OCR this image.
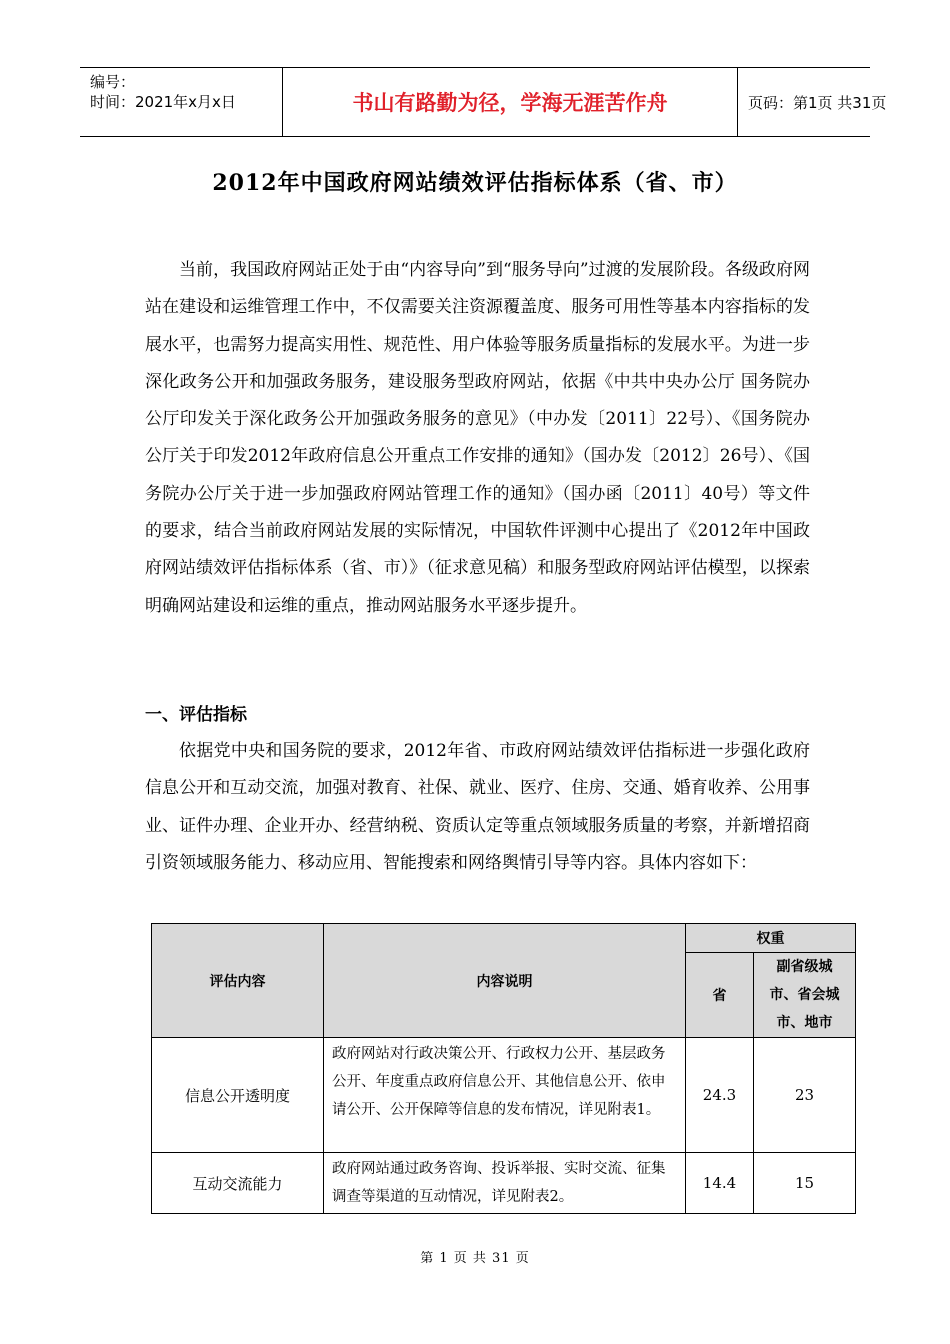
编号：
时间：2021年x月x日	书山有路勤为径，学海无涯苦作舟	页码：第1页 共31页
2012年中国政府网站绩效评估指标体系（省、市）

当前，我国政府网站正处于由“内容导向”到“服务导向”过渡的发展阶段。各级政府网站在建设和运维管理工作中，不仅需要关注资源覆盖度、服务可用性等基本内容指标的发展水平，也需努力提高实用性、规范性、用户体验等服务质量指标的发展水平。为进一步深化政务公开和加强政务服务，建设服务型政府网站，依据《中共中央办公厅 国务院办公厅印发关于深化政务公开加强政务服务的意见》（中办发〔2011〕22号）、《国务院办公厅关于印发2012年政府信息公开重点工作安排的通知》（国办发〔2012〕26号）、《国务院办公厅关于进一步加强政府网站管理工作的通知》（国办函〔2011〕40号）等文件的要求，结合当前政府网站发展的实际情况，中国软件评测中心提出了《2012年中国政府网站绩效评估指标体系（省、市）》（征求意见稿）和服务型政府网站评估模型，以探索明确网站建设和运维的重点，推动网站服务水平逐步提升。

一、评估指标

依据党中央和国务院的要求，2012年省、市政府网站绩效评估指标进一步强化政府信息公开和互动交流，加强对教育、社保、就业、医疗、住房、交通、婚育收养、公用事业、证件办理、企业开办、经营纳税、资质认定等重点领域服务质量的考察，并新增招商引资领域服务能力、移动应用、智能搜索和网络舆情引导等内容。具体内容如下：

评估内容	内容说明	权重	
		省	副省级城
市、省会城
市、地市

信息公开透明度	政府网站对行政决策公开、行政权力公开、基层政务公开、年度重点政府信息公开、其他信息公开、依申请公开、公开保障等信息的发布情况，详见附表1。	24.3	23
互动交流能力	政府网站通过政务咨询、投诉举报、实时交流、征集调查等渠道的互动情况，详见附表2。	14.4	15
第 1 页 共 31 页
